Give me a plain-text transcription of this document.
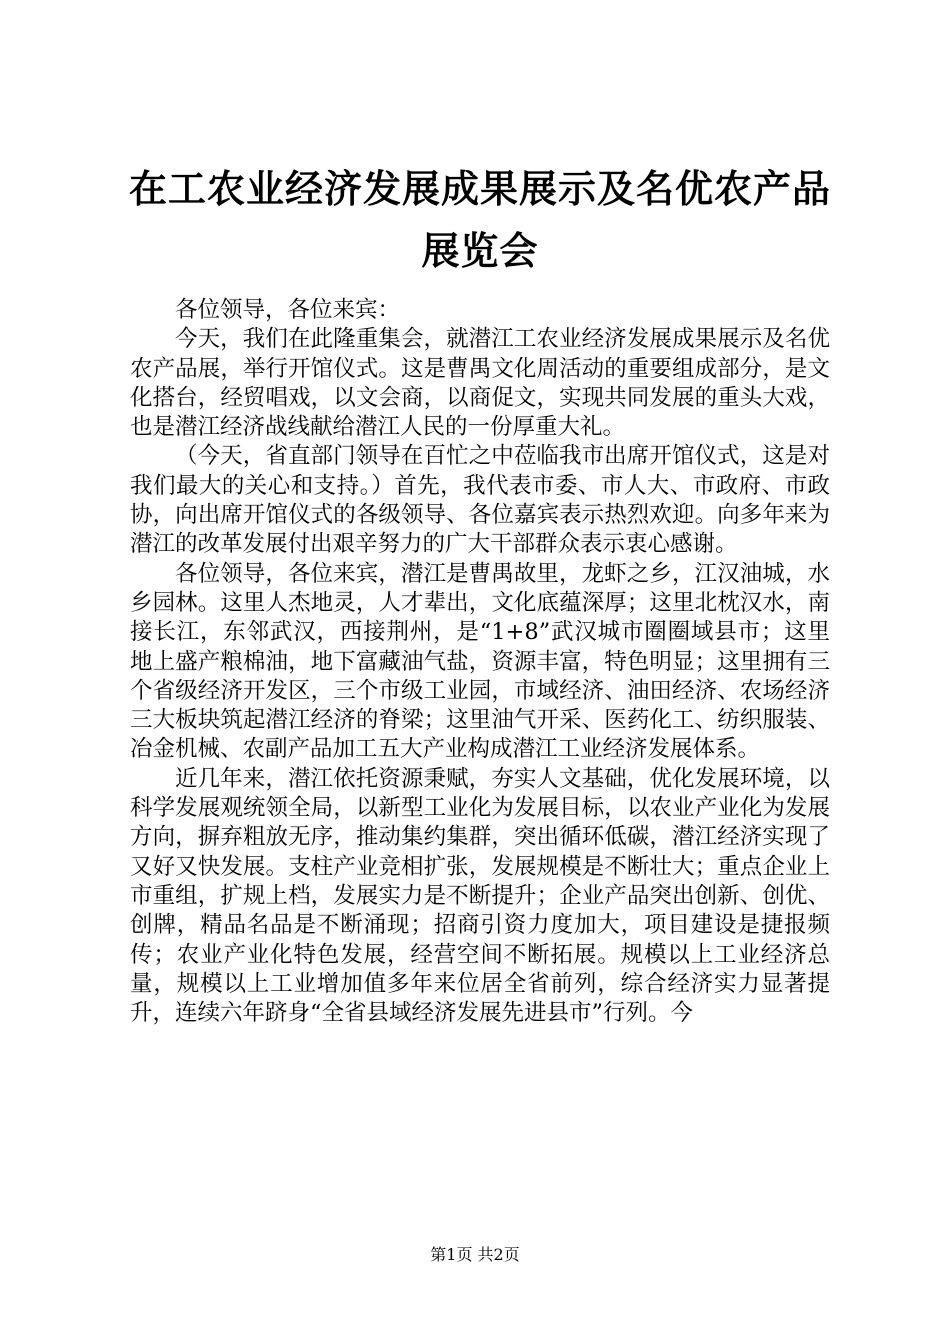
在工农业经济发展成果展示及名优农产品展览会

各位领导，各位来宾：

今天，我们在此隆重集会，就潜江工农业经济发展成果展示及名优农产品展，举行开馆仪式。这是曹禺文化周活动的重要组成部分，是文化搭台，经贸唱戏，以文会商，以商促文，实现共同发展的重头大戏，也是潜江经济战线献给潜江人民的一份厚重大礼。

（今天，省直部门领导在百忙之中莅临我市出席开馆仪式，这是对我们最大的关心和支持。）首先，我代表市委、市人大、市政府、市政协，向出席开馆仪式的各级领导、各位嘉宾表示热烈欢迎。向多年来为潜江的改革发展付出艰辛努力的广大干部群众表示衷心感谢。

各位领导，各位来宾，潜江是曹禺故里，龙虾之乡，江汉油城，水乡园林。这里人杰地灵，人才辈出，文化底蕴深厚；这里北枕汉水，南接长江，东邻武汉，西接荆州，是“1+8”武汉城市圈圈域县市；这里地上盛产粮棉油，地下富藏油气盐，资源丰富，特色明显；这里拥有三个省级经济开发区，三个市级工业园，市域经济、油田经济、农场经济三大板块筑起潜江经济的脊梁；这里油气开采、医药化工、纺织服装、冶金机械、农副产品加工五大产业构成潜江工业经济发展体系。

近几年来，潜江依托资源秉赋，夯实人文基础，优化发展环境，以科学发展观统领全局，以新型工业化为发展目标，以农业产业化为发展方向，摒弃粗放无序，推动集约集群，突出循环低碳，潜江经济实现了又好又快发展。支柱产业竞相扩张，发展规模是不断壮大；重点企业上市重组，扩规上档，发展实力是不断提升；企业产品突出创新、创优、创牌，精品名品是不断涌现；招商引资力度加大，项目建设是捷报频传；农业产业化特色发展，经营空间不断拓展。规模以上工业经济总量，规模以上工业增加值多年来位居全省前列，综合经济实力显著提升，连续六年跻身“全省县域经济发展先进县市”行列。今

第1页 共2页
